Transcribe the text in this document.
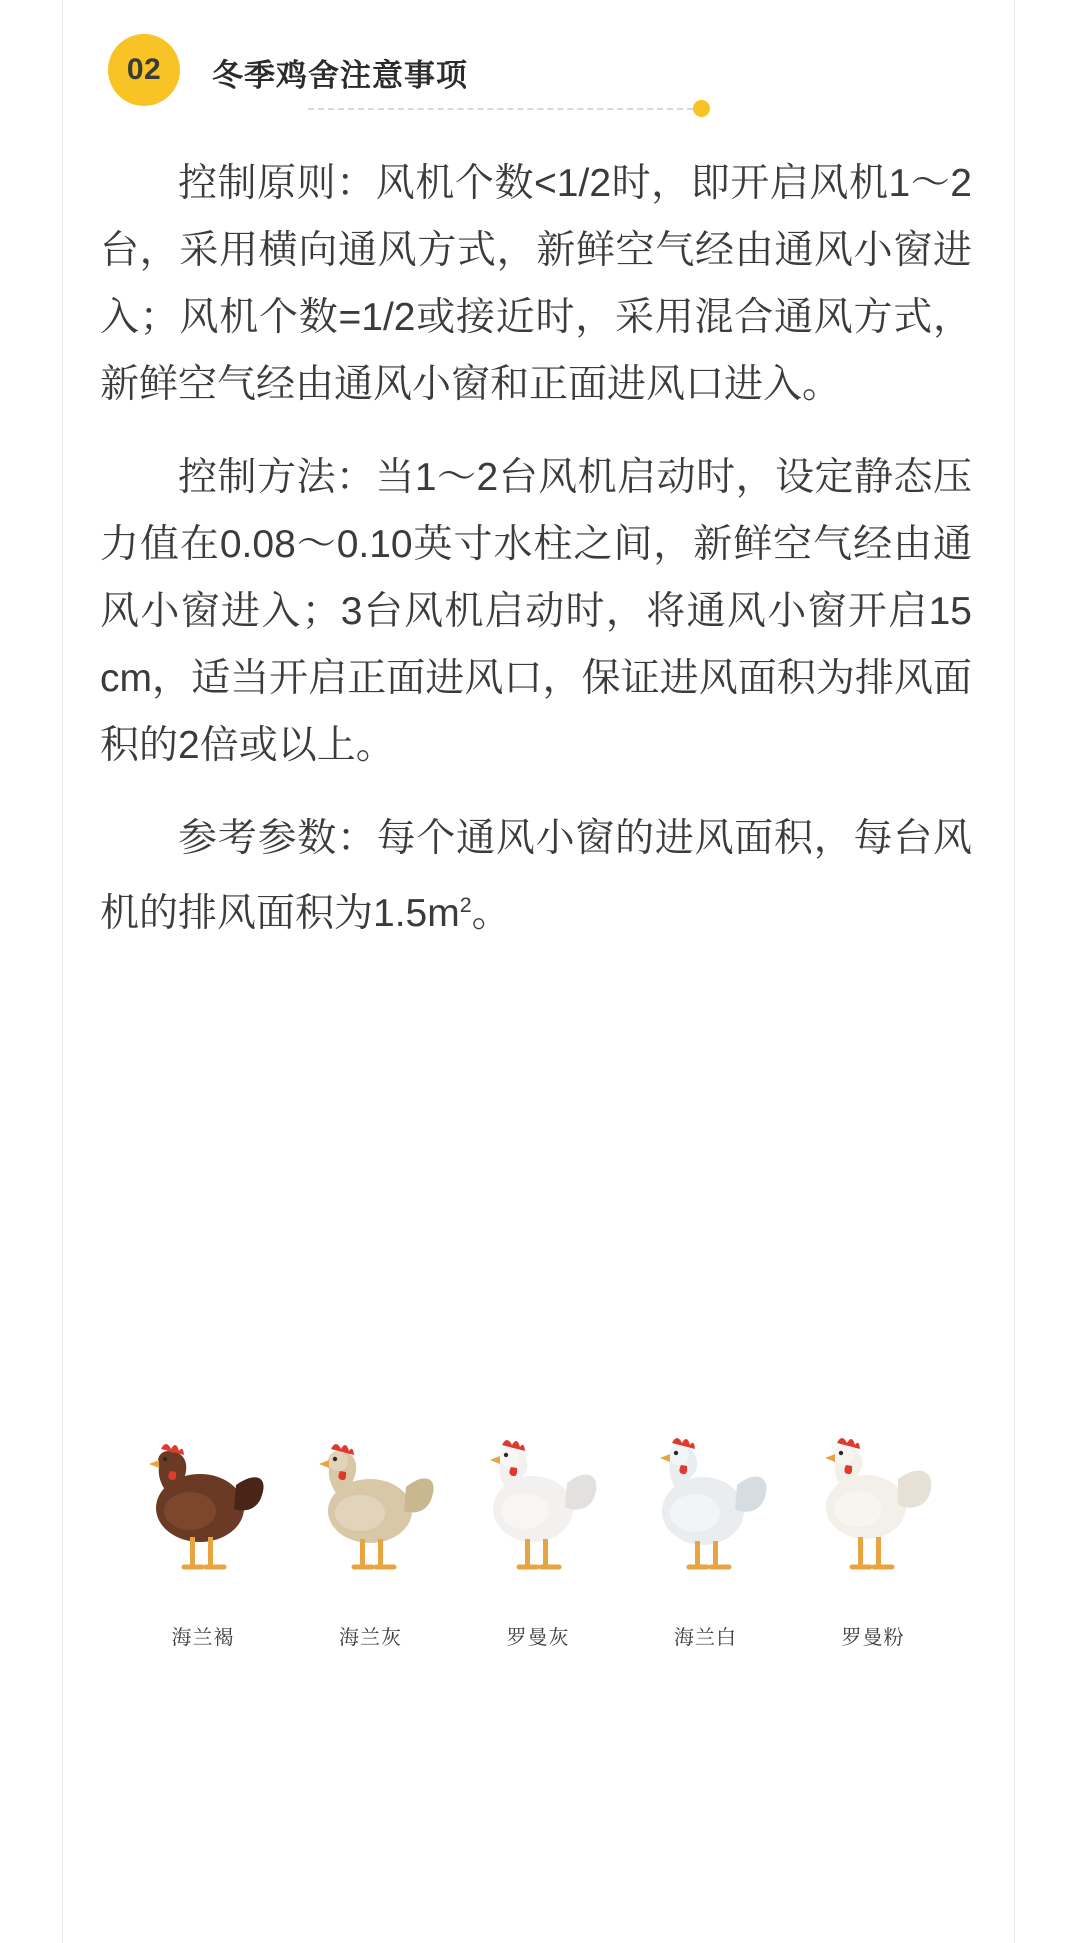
02	冬季鸡舍注意事项

控制原则：风机个数<1/2时，即开启风机1～2台，采用横向通风方式，新鲜空气经由通风小窗进入；风机个数=1/2或接近时，采用混合通风方式，新鲜空气经由通风小窗和正面进风口进入。

控制方法：当1～2台风机启动时，设定静态压力值在0.08～0.10英寸水柱之间，新鲜空气经由通风小窗进入；3台风机启动时，将通风小窗开启15 cm，适当开启正面进风口，保证进风面积为排风面积的2倍或以上。

参考参数：每个通风小窗的进风面积，每台风机的排风面积为$1.5m^2$。

海兰褐	海兰灰	罗曼灰	海兰白	罗曼粉
